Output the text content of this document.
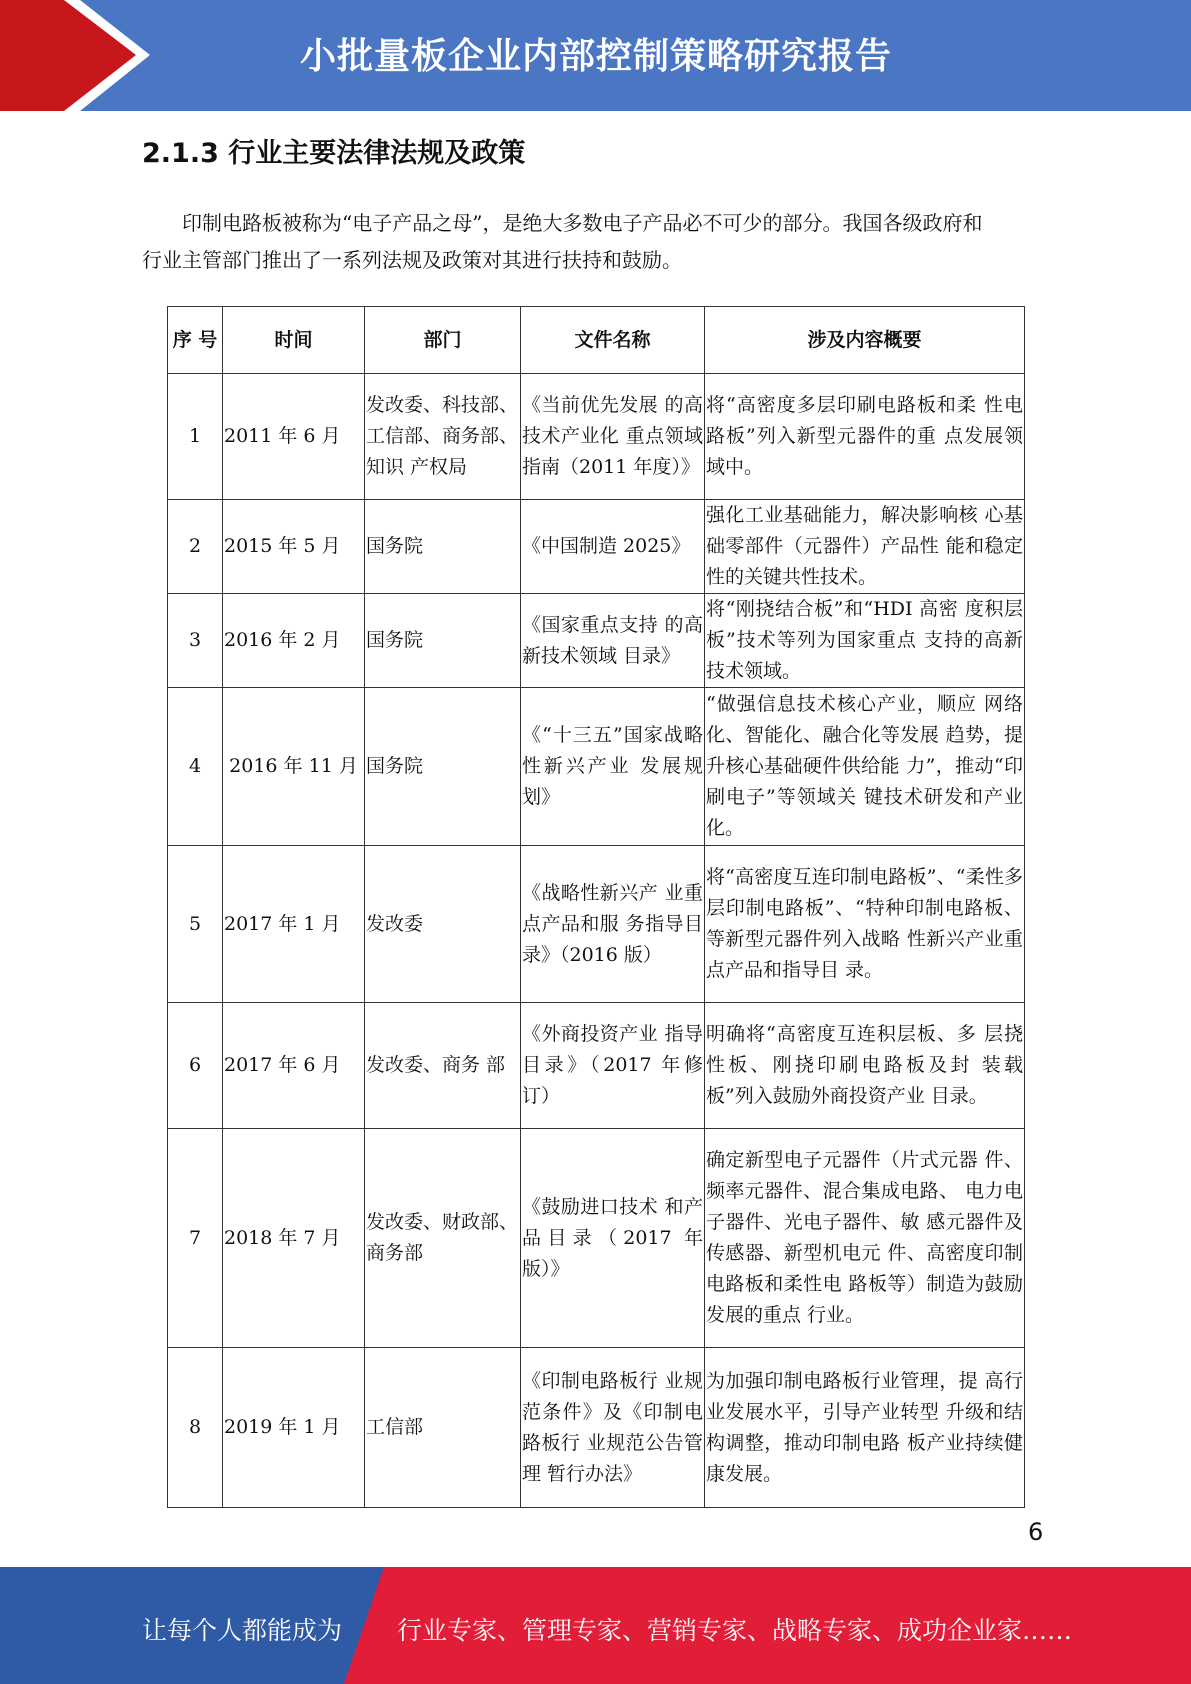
小批量板企业内部控制策略研究报告
2.1.3 行业主要法律法规及政策
印制电路板被称为“电子产品之母”，是绝大多数电子产品必不可少的部分。我国各级政府和
行业主管部门推出了一系列法规及政策对其进行扶持和鼓励。
序 号	时间	部门	文件名称	涉及内容概要
1	2011 年 6 月	发改委、科技部、工信部、商务部、知识 产权局	《当前优先发展 的高技术产业化 重点领域指南（2011 年度）》	将“高密度多层印刷电路板和柔 性电路板”列入新型元器件的重 点发展领域中。
2	2015 年 5 月	国务院	《中国制造 2025》	强化工业基础能力，解决影响核 心基础零部件（元器件）产品性 能和稳定性的关键共性技术。
3	2016 年 2 月	国务院	《国家重点支持 的高新技术领域 目录》	将“刚挠结合板”和“HDI 高密 度积层板”技术等列为国家重点 支持的高新技术领域。
4	2016 年 11 月	国务院	《“十三五”国家战略性新兴产业 发展规划》	“做强信息技术核心产业，顺应 网络化、智能化、融合化等发展 趋势，提升核心基础硬件供给能 力”，推动“印刷电子”等领域关 键技术研发和产业化。
5	2017 年 1 月	发改委	《战略性新兴产 业重点产品和服 务指导目录》（2016 版）	将“高密度互连印制电路板”、“柔性多层印制电路板”、“特种印制电路板、等新型元器件列入战略 性新兴产业重点产品和指导目 录。
6	2017 年 6 月	发改委、商务 部	《外商投资产业 指导目录》（2017 年修订）	明确将“高密度互连积层板、多 层挠性板、刚挠印刷电路板及封 装载板”列入鼓励外商投资产业 目录。
7	2018 年 7 月	发改委、财政部、商务部	《鼓励进口技术 和产品目录（2017 年版）》	确定新型电子元器件（片式元器 件、频率元器件、混合集成电路、 电力电子器件、光电子器件、敏 感元器件及传感器、新型机电元 件、高密度印制电路板和柔性电 路板等）制造为鼓励发展的重点 行业。
8	2019 年 1 月	工信部	《印制电路板行 业规范条件》及《印制电路板行 业规范公告管理 暂行办法》	为加强印制电路板行业管理，提 高行业发展水平，引导产业转型 升级和结构调整，推动印制电路 板产业持续健康发展。
6
让每个人都能成为 行业专家、管理专家、营销专家、战略专家、成功企业家……
